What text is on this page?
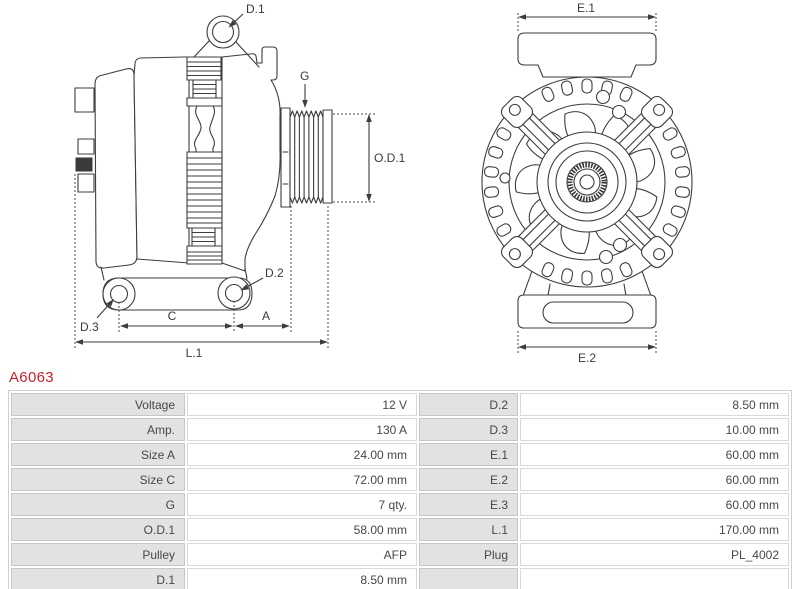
D.1
G
O.D.1
D.2
D.3
C	A
L.1
E.1
E.2
A6063
Voltage	12 V	D.2	8.50 mm
Amp.	130 A	D.3	10.00 mm
Size A	24.00 mm	E.1	60.00 mm
Size C	72.00 mm	E.2	60.00 mm
G	7 qty.	E.3	60.00 mm
O.D.1	58.00 mm	L.1	170.00 mm
Pulley	AFP	Plug	PL_4002
D.1	8.50 mm		
